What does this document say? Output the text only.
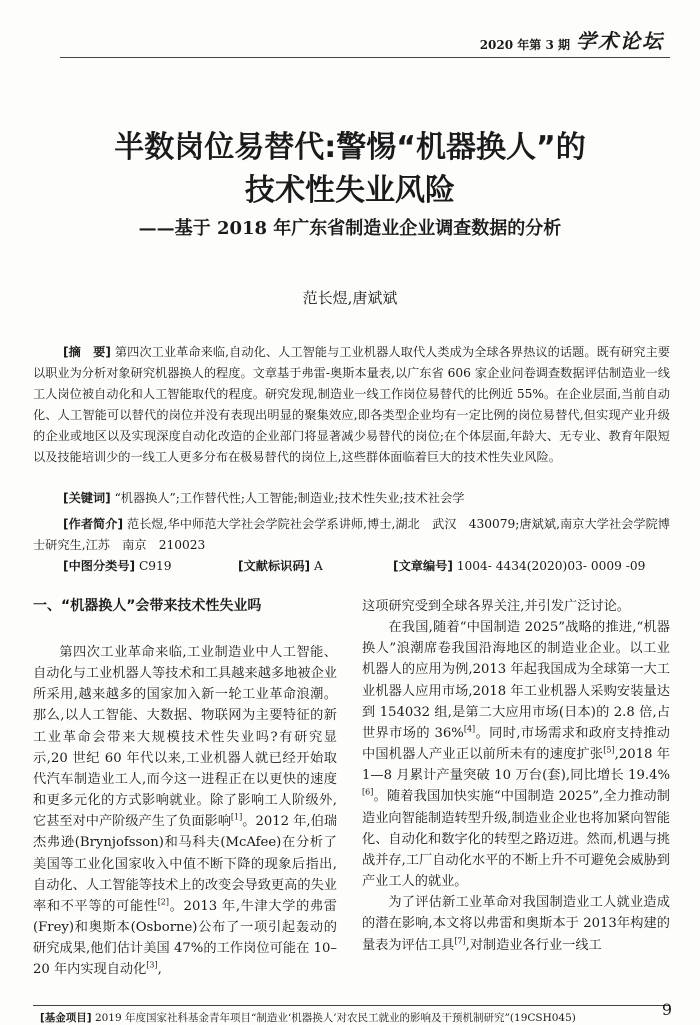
2020 年第 3 期 学术论坛
半数岗位易替代:警惕“机器换人”的
技术性失业风险
——基于 2018 年广东省制造业企业调查数据的分析
范长煜,唐斌斌
[摘　要] 第四次工业革命来临,自动化、人工智能与工业机器人取代人类成为全球各界热议的话题。既有研究主要以职业为分析对象研究机器换人的程度。文章基于弗雷-奥斯本量表,以广东省 606 家企业问卷调查数据评估制造业一线工人岗位被自动化和人工智能取代的程度。研究发现,制造业一线工作岗位易替代的比例近 55%。在企业层面,当前自动化、人工智能可以替代的岗位并没有表现出明显的聚集效应,即各类型企业均有一定比例的岗位易替代,但实现产业升级的企业或地区以及实现深度自动化改造的企业部门将显著减少易替代的岗位;在个体层面,年龄大、无专业、教育年限短以及技能培训少的一线工人更多分布在极易替代的岗位上,这些群体面临着巨大的技术性失业风险。
[关键词] “机器换人”;工作替代性;人工智能;制造业;技术性失业;技术社会学
[作者简介] 范长煜,华中师范大学社会学院社会学系讲师,博士,湖北　武汉　430079;唐斌斌,南京大学社会学院博士研究生,江苏　南京　210023
[中图分类号] C919	[文献标识码] A	[文章编号] 1004- 4434(2020)03- 0009 -09
一、“机器换人”会带来技术性失业吗

第四次工业革命来临,工业制造业中人工智能、自动化与工业机器人等技术和工具越来越多地被企业所采用,越来越多的国家加入新一轮工业革命浪潮。那么,以人工智能、大数据、物联网为主要特征的新工业革命会带来大规模技术性失业吗?有研究显示,20 世纪 60 年代以来,工业机器人就已经开始取代汽车制造业工人,而今这一进程正在以更快的速度和更多元化的方式影响就业。除了影响工人阶级外,它甚至对中产阶级产生了负面影响[1]。2012 年,伯瑞杰弗逊(Brynjofsson)和马科夫(McAfee)在分析了美国等工业化国家收入中值不断下降的现象后指出,自动化、人工智能等技术上的改变会导致更高的失业率和不平等的可能性[2]。2013 年,牛津大学的弗雷(Frey)和奥斯本(Osborne)公布了一项引起轰动的研究成果,他们估计美国 47%的工作岗位可能在 10–20 年内实现自动化[3],

这项研究受到全球各界关注,并引发广泛讨论。

在我国,随着“中国制造 2025”战略的推进,“机器换人”浪潮席卷我国沿海地区的制造业企业。以工业机器人的应用为例,2013 年起我国成为全球第一大工业机器人应用市场,2018 年工业机器人采购安装量达到 154032 组,是第二大应用市场(日本)的 2.8 倍,占世界市场的 36%[4]。同时,市场需求和政府支持推动中国机器人产业正以前所未有的速度扩张[5],2018 年 1—8 月累计产量突破 10 万台(套),同比增长 19.4%[6]。随着我国加快实施“中国制造 2025”,全力推动制造业向智能制造转型升级,制造业企业也将加紧向智能化、自动化和数字化的转型之路迈进。然而,机遇与挑战并存,工厂自动化水平的不断上升不可避免会威胁到产业工人的就业。

为了评估新工业革命对我国制造业工人就业造成的潜在影响,本文将以弗雷和奥斯本于 2013年构建的量表为评估工具[7],对制造业各行业一线工

[基金项目] 2019 年度国家社科基金青年项目“制造业‘机器换人’对农民工就业的影响及干预机制研究”(19CSH045)	9
